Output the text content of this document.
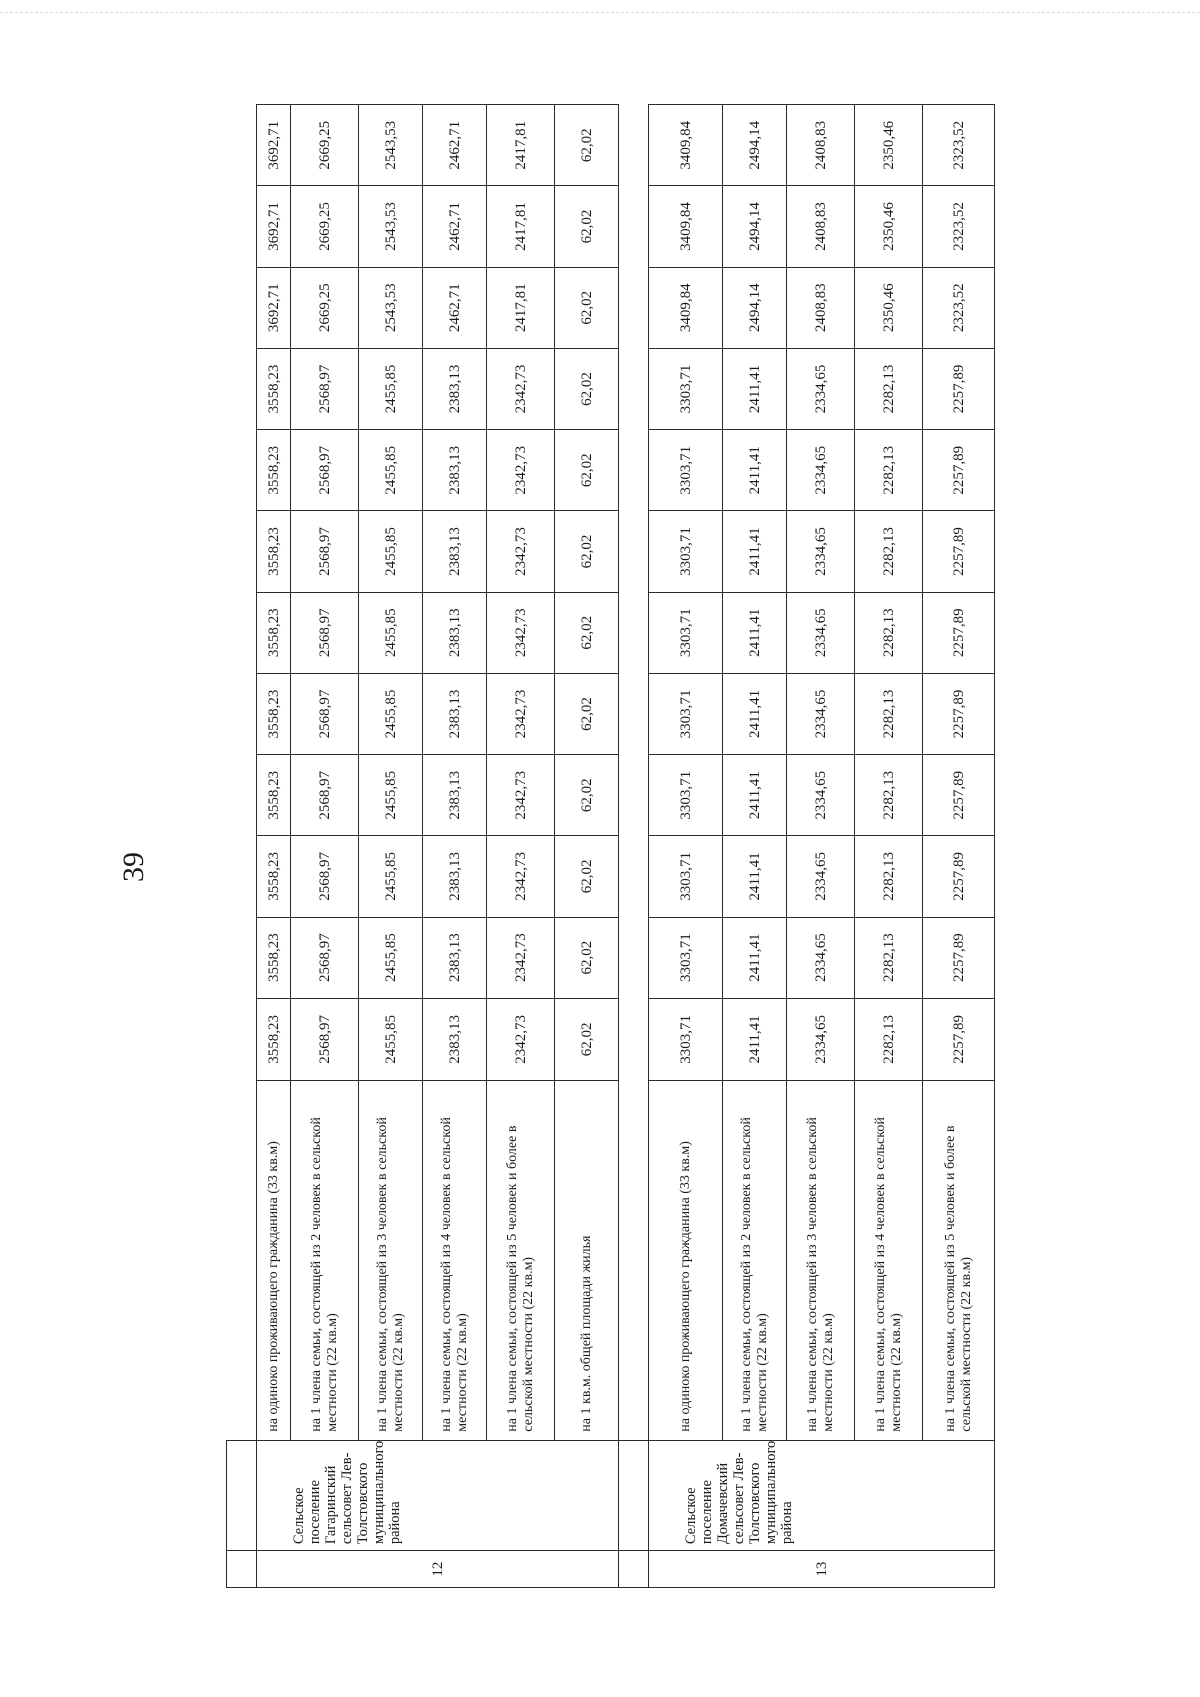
39

12	Сельское поселение Гагаринский сельсовет Лев-Толстовского муниципального района	на одиноко проживающего гражданина (33 кв.м)	3558,23	3558,23	3558,23	3558,23	3558,23	3558,23	3558,23	3558,23	3558,23	3692,71	3692,71	3692,71
		на 1 члена семьи, состоящей из 2 человек в сельской местности (22 кв.м)	2568,97	2568,97	2568,97	2568,97	2568,97	2568,97	2568,97	2568,97	2568,97	2669,25	2669,25	2669,25
		на 1 члена семьи, состоящей из 3 человек в сельской местности (22 кв.м)	2455,85	2455,85	2455,85	2455,85	2455,85	2455,85	2455,85	2455,85	2455,85	2543,53	2543,53	2543,53
		на 1 члена семьи, состоящей из 4 человек в сельской местности (22 кв.м)	2383,13	2383,13	2383,13	2383,13	2383,13	2383,13	2383,13	2383,13	2383,13	2462,71	2462,71	2462,71
		на 1 члена семьи, состоящей из 5 человек и более в сельской местности (22 кв.м)	2342,73	2342,73	2342,73	2342,73	2342,73	2342,73	2342,73	2342,73	2342,73	2417,81	2417,81	2417,81
		на 1 кв.м. общей площади жилья	62,02	62,02	62,02	62,02	62,02	62,02	62,02	62,02	62,02	62,02	62,02	62,02

13	Сельское поселение Домачевский сельсовет Лев-Толстовского муниципального района	на одиноко проживающего гражданина (33 кв.м)	3303,71	3303,71	3303,71	3303,71	3303,71	3303,71	3303,71	3303,71	3303,71	3409,84	3409,84	3409,84
		на 1 члена семьи, состоящей из 2 человек в сельской местности (22 кв.м)	2411,41	2411,41	2411,41	2411,41	2411,41	2411,41	2411,41	2411,41	2411,41	2494,14	2494,14	2494,14
		на 1 члена семьи, состоящей из 3 человек в сельской местности (22 кв.м)	2334,65	2334,65	2334,65	2334,65	2334,65	2334,65	2334,65	2334,65	2334,65	2408,83	2408,83	2408,83
		на 1 члена семьи, состоящей из 4 человек в сельской местности (22 кв.м)	2282,13	2282,13	2282,13	2282,13	2282,13	2282,13	2282,13	2282,13	2282,13	2350,46	2350,46	2350,46
		на 1 члена семьи, состоящей из 5 человек и более в сельской местности (22 кв.м)	2257,89	2257,89	2257,89	2257,89	2257,89	2257,89	2257,89	2257,89	2257,89	2323,52	2323,52	2323,52
